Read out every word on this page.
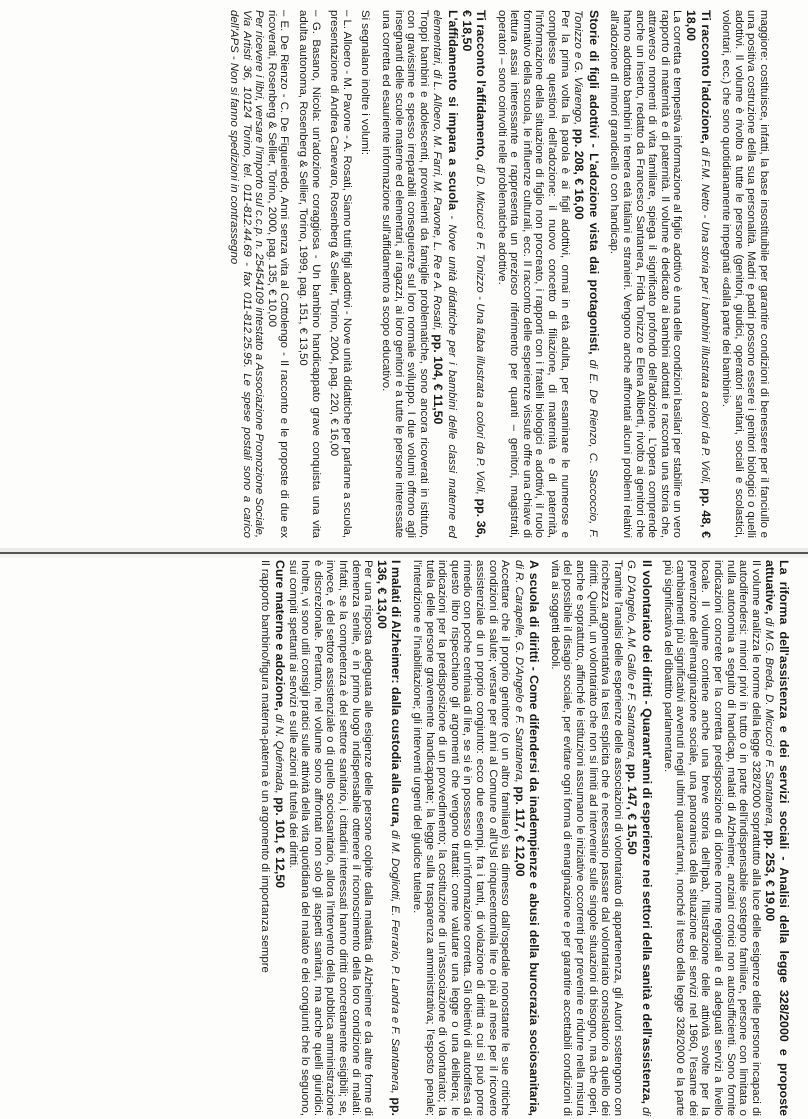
maggiore: costituisce, infatti, la base insostituibile per garantire condizioni di benessere per il fanciullo e una positiva costruzione della sua personalità. Madri e padri possono essere i genitori biologici o quelli adottivi. Il volume è rivolto a tutte le persone (genitori, giudici, operatori sanitari, sociali e scolastici, volontari, ecc.) che sono quotidianamente impegnati «dalla parte dei bambini».

Ti racconto l'adozione, di F.M. Netto - Una storia per i bambini illustrata a colori da P. Violi, pp. 48, € 18,00

La corretta e tempestiva informazione al figlio adottivo è una delle condizioni basilari per stabilire un vero rapporto di maternità e di paternità. Il volume è dedicato ai bambini adottati e racconta una storia che, attraverso momenti di vita familiare, spiega il significato profondo dell'adozione. L'opera comprende anche un inserto, redatto da Francesco Santanera, Frida Tonizzo e Elena Aliberti, rivolto ai genitori che hanno adottato bambini in tenera età italiani e stranieri. Vengono anche affrontati alcuni problemi relativi all'adozione di minori grandicelli o con handicap.

Storie di figli adottivi - L'adozione vista dai protagonisti, di E. De Rienzo, C. Saccoccio, F. Tonizzo e G. Viarengo, pp. 208, € 16,00

Per la prima volta la parola è ai figli adottivi, ormai in età adulta, per esaminare le numerose e complesse questioni dell'adozione: il nuovo concetto di filiazione, di maternità e di paternità, l'informazione della situazione di figlio non procreato, i rapporti con i fratelli biologici e adottivi, il ruolo formativo della scuola, le influenze culturali, ecc. Il racconto delle esperienze vissute offre una chiave di lettura assai interessante e rappresenta un prezioso riferimento per quanti – genitori, magistrati, operatori – sono coinvolti nelle problematiche adottive.

Ti racconto l'affidamento, di D. Micucci e F. Tonizzo - Una fiaba illustrata a colori da P. Violi, pp. 36, € 18,50

L'affidamento si impara a scuola - Nove unità didattiche per i bambini delle classi materne ed elementari, di L. Alloero, M. Farri, M. Pavone, L. Re e A. Rosati, pp. 104, € 11,50

Troppi bambini e adolescenti, provenienti da famiglie problematiche, sono ancora ricoverati in istituto, con gravissime e spesso irreparabili conseguenze sul loro normale sviluppo. I due volumi offrono agli insegnanti delle scuole materne ed elementari, ai ragazzi, ai loro genitori e a tutte le persone interessate una corretta ed esauriente informazione sull'affidamento a scopo educativo.

Si segnalano inoltre i volumi:

– L. Alloero - M. Pavone - A. Rosati, Siamo tutti figli adottivi - Nove unità didattiche per parlarne a scuola, presentazione di Andrea Canevaro, Rosenberg & Sellier, Torino, 2004, pag. 220, € 16,00
– G. Basano, Nicola: un'adozione coraggiosa - Un bambino handicappato grave conquista una vita adulta autonoma, Rosenberg & Sellier, Torino, 1999, pag. 151, € 13,50
– E. De Rienzo - C. De Figueiredo, Anni senza vita al Cottolengo - Il racconto e le proposte di due ex ricoverati, Rosenberg & Sellier, Torino, 2000, pag. 135, € 10,00

Per ricevere i libri, versare l'importo sul c.c.p. n. 25454109 intestato a Associazione Promozione Sociale, Via Artisti 36, 10124 Torino, tel. 011-812.44.69 - fax 011-812.25.95. Le spese postali sono a carico dell'APS - Non si fanno spedizioni in contrassegno

La riforma dell'assistenza e dei servizi sociali - Analisi della legge 328/2000 e proposte attuative, di M.G. Breda, D. Micucci e F. Santanera, pp. 253, € 19,00

Il volume analizza le norme della legge 328/2000 soprattutto alla luce delle esigenze delle persone incapaci di autodifendersi: minori privi in tutto o in parte dell'indispensabile sostegno familiare, persone con limitata o nulla autonomia a seguito di handicap, malati di Alzheimer, anziani cronici non autosufficienti. Sono fornite indicazioni concrete per la corretta predisposizione di idonee norme regionali e di adeguati servizi a livello locale. Il volume contiene anche una breve storia dell'Ipab, l'illustrazione delle attività svolte per la prevenzione dell'emarginazione sociale, una panoramica della situazione dei servizi nel 1960, l'esame dei cambiamenti più significativi avvenuti negli ultimi quarant'anni, nonché il testo della legge 328/2000 e la parte più significativa del dibattito parlamentare.

Il volontariato dei diritti - Quarant'anni di esperienze nei settori della sanità e dell'assistenza, di G. D'Angelo, A.M. Gallo e F. Santanera, pp. 147, € 15,50

Tramite l'analisi delle esperienze delle associazioni di volontariato di appartenenza, gli Autori sostengono con ricchezza argomentativa la tesi esplicita che è necessario passare dal volontariato consolatorio a quello dei diritti. Quindi, un volontariato che non si limiti ad intervenire sulle singole situazioni di bisogno, ma che operi, anche e soprattutto, affinché le istituzioni assumano le iniziative occorrenti per prevenire e ridurre nella misura del possibile il disagio sociale, per evitare ogni forma di emarginazione e per garantire accettabili condizioni di vita ai soggetti deboli.

A scuola di diritti - Come difendersi da inadempienze e abusi della burocrazia sociosanitaria, di R. Carapelle, G. D'Angelo e F. Santanera, pp. 117, € 12,00

Accettare che il proprio genitore (o un altro familiare) sia dimesso dall'ospedale nonostante le sue critiche condizioni di salute; versare per anni al Comune o all'Usl cinquecentomila lire o più al mese per il ricovero assistenziale di un proprio congiunto: ecco due esempi, fra i tanti, di violazione di diritti a cui si può porre rimedio con poche centinaia di lire, se si è in possesso di un'informazione corretta. Gli obiettivi di autodifesa di questo libro rispecchiano gli argomenti che vengono trattati: come valutare una legge o una delibera; le indicazioni per la predisposizione di un provvedimento; la costituzione di un'associazione di volontariato; la tutela delle persone gravemente handicappate; la legge sulla trasparenza amministrativa; l'esposto penale; l'interdizione e l'inabilitazione; gli interventi urgenti del giudice tutelare.

I malati di Alzheimer: dalla custodia alla cura, di M. Dogliotti, E. Ferrario, P. Landra e F. Santanera, pp. 136, € 13,00

Per una risposta adeguata alle esigenze delle persone colpite dalla malattia di Alzheimer e da altre forme di demenza senile, è in primo luogo indispensabile ottenere il riconoscimento della loro condizione di malati. Infatti, se la competenza è del settore sanitario, i cittadini interessati hanno diritti concretamente esigibili; se, invece, è del settore assistenziale o di quello sociosanitario, allora l'intervento della pubblica amministrazione è discrezionale. Pertanto, nel volume sono affrontati non solo gli aspetti sanitari, ma anche quelli giuridici. Inoltre, vi sono utili consigli pratici sulle attività della vita quotidiana del malato e dei congiunti che lo seguono, sui compiti spettanti ai servizi e sulle azioni di tutela dei diritti.

Cure materne e adozione, di N. Quémada, pp. 101, € 12,50

Il rapporto bambino/figura materna-paterna è un argomento di importanza sempre
